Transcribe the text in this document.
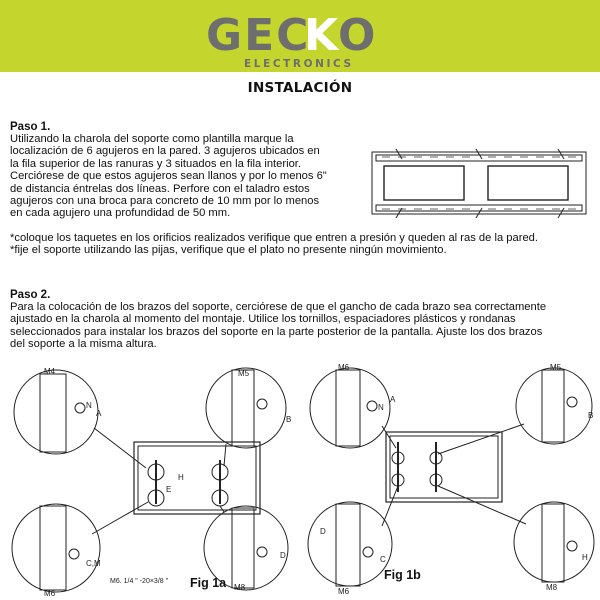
GEC
K O
ELECTRONICS
INSTALACIÓN
Paso 1.
Utilizando la charola del soporte como plantilla marque la
localización de 6 agujeros en la pared. 3 agujeros ubicados en
la fila superior de las ranuras y 3 situados en la fila interior.
Cerciórese de que estos agujeros sean llanos y por lo menos 6"
de distancia éntrelas dos líneas. Perfore con el taladro estos
agujeros con una broca para concreto de 10 mm por lo menos
en cada agujero una profundidad de 50 mm.
*coloque los taquetes en los orificios realizados verifique que entren a presión y queden al ras de la pared.
*fije el soporte utilizando las pijas, verifique que el plato no presente ningún movimiento.
Paso 2.
Para la colocación de los brazos del soporte, cerciórese de que el gancho de cada brazo sea correctamente
ajustado en la charola al momento del montaje. Utilice los tornillos, espaciadores plásticos y rondanas
seleccionados para instalar los brazos del soporte en la parte posterior de la pantalla. Ajuste los dos brazos
del soporte a la misma altura.
M4	M5
M6
M8
N
A
B
C,M
D
E
H
M6. 1/4 " -20×3/8 " Fig 1a
M6	M5
M6	M8
N
A
B
C
D
H
Fig 1b
